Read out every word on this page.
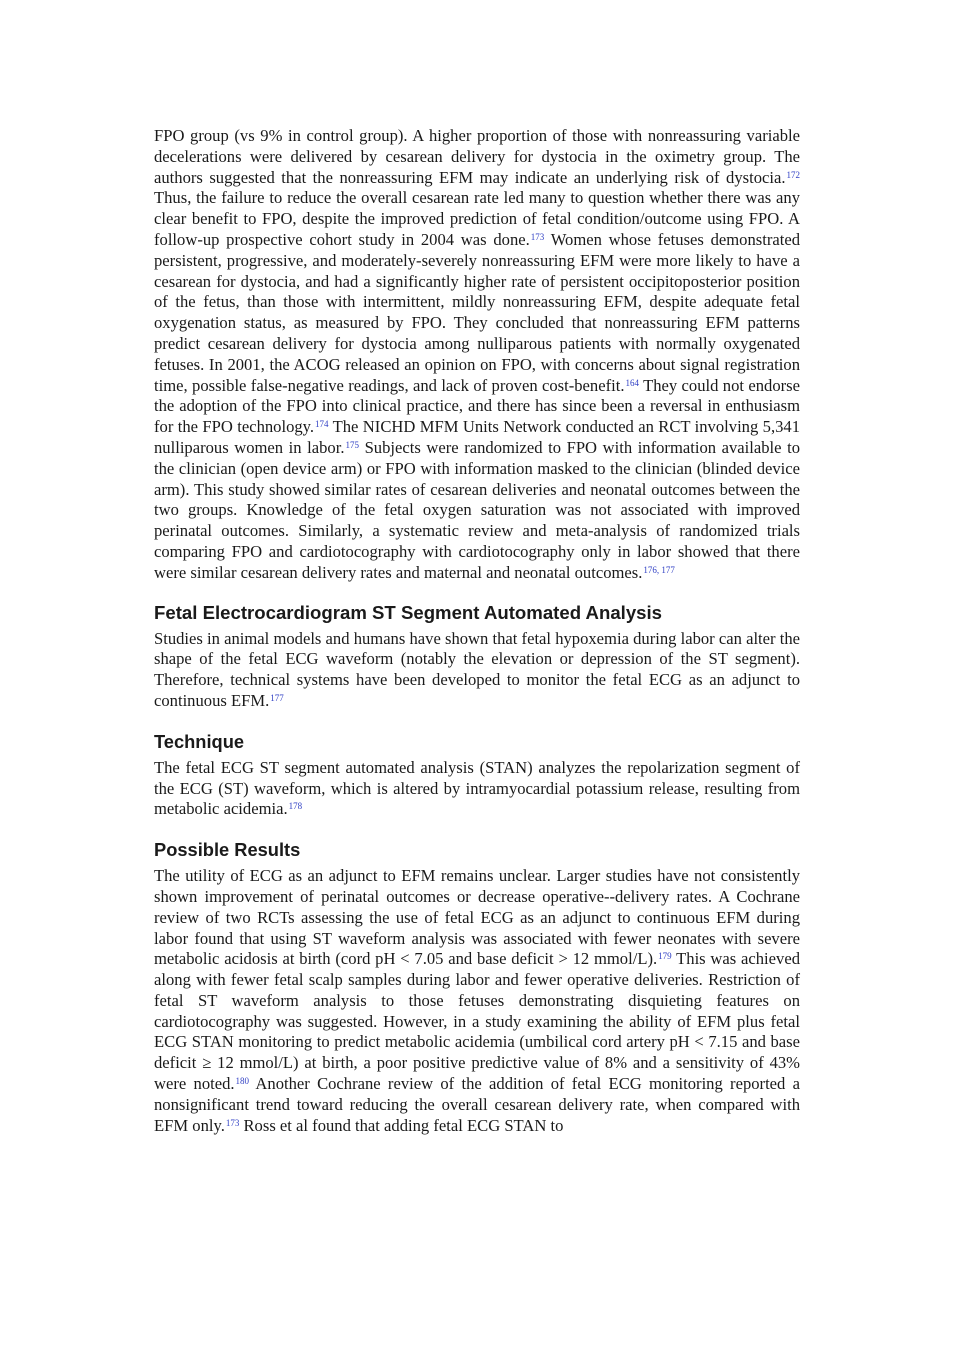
FPO group (vs 9% in control group). A higher proportion of those with nonreassuring variable decelerations were delivered by cesarean delivery for dystocia in the oximetry group. The authors suggested that the nonreassuring EFM may indicate an underlying risk of dystocia.$^{172}$ Thus, the failure to reduce the overall cesarean rate led many to question whether there was any clear benefit to FPO, despite the improved prediction of fetal condition/outcome using FPO. A follow-up prospective cohort study in 2004 was done.$^{173}$ Women whose fetuses demonstrated persistent, progressive, and moderately-severely nonreassuring EFM were more likely to have a cesarean for dystocia, and had a significantly higher rate of persistent occipitoposterior position of the fetus, than those with intermittent, mildly nonreassuring EFM, despite adequate fetal oxygenation status, as measured by FPO. They concluded that nonreassuring EFM patterns predict cesarean delivery for dystocia among nulliparous patients with normally oxygenated fetuses. In 2001, the ACOG released an opinion on FPO, with concerns about signal registration time, possible false-negative readings, and lack of proven cost-benefit.$^{164}$ They could not endorse the adoption of the FPO into clinical practice, and there has since been a reversal in enthusiasm for the FPO technology.$^{174}$ The NICHD MFM Units Network conducted an RCT involving 5,341 nulliparous women in labor.$^{175}$ Subjects were randomized to FPO with information available to the clinician (open device arm) or FPO with information masked to the clinician (blinded device arm). This study showed similar rates of cesarean deliveries and neonatal outcomes between the two groups. Knowledge of the fetal oxygen saturation was not associated with improved perinatal outcomes. Similarly, a systematic review and meta-analysis of randomized trials comparing FPO and cardiotocography with cardiotocography only in labor showed that there were similar cesarean delivery rates and maternal and neonatal outcomes.$^{176, 177}$

Fetal Electrocardiogram ST Segment Automated Analysis

Studies in animal models and humans have shown that fetal hypoxemia during labor can alter the shape of the fetal ECG waveform (notably the elevation or depression of the ST segment). Therefore, technical systems have been developed to monitor the fetal ECG as an adjunct to continuous EFM.$^{177}$

Technique

The fetal ECG ST segment automated analysis (STAN) analyzes the repolarization segment of the ECG (ST) waveform, which is altered by intramyocardial potassium release, resulting from metabolic acidemia.$^{178}$

Possible Results

The utility of ECG as an adjunct to EFM remains unclear. Larger studies have not consistently shown improvement of perinatal outcomes or decrease operative--delivery rates. A Cochrane review of two RCTs assessing the use of fetal ECG as an adjunct to continuous EFM during labor found that using ST waveform analysis was associated with fewer neonates with severe metabolic acidosis at birth (cord pH < 7.05 and base deficit > 12 mmol/L).$^{179}$ This was achieved along with fewer fetal scalp samples during labor and fewer operative deliveries. Restriction of fetal ST waveform analysis to those fetuses demonstrating disquieting features on cardiotocography was suggested. However, in a study examining the ability of EFM plus fetal ECG STAN monitoring to predict metabolic acidemia (umbilical cord artery pH < 7.15 and base deficit ≥ 12 mmol/L) at birth, a poor positive predictive value of 8% and a sensitivity of 43% were noted.$^{180}$ Another Cochrane review of the addition of fetal ECG monitoring reported a nonsignificant trend toward reducing the overall cesarean delivery rate, when compared with EFM only.$^{173}$ Ross et al found that adding fetal ECG STAN to
